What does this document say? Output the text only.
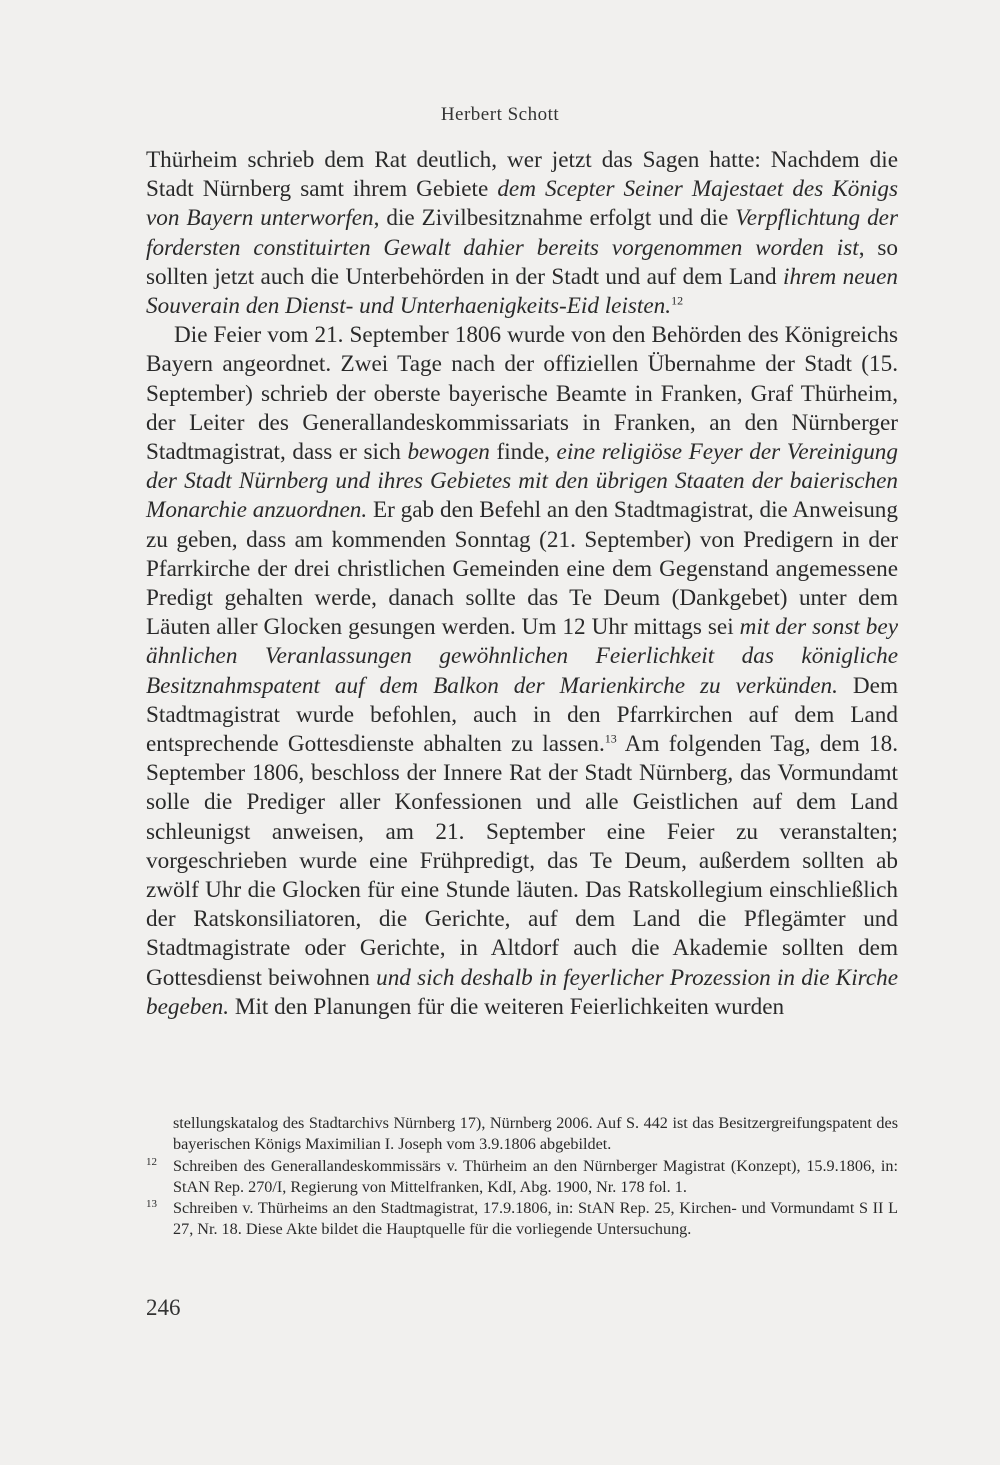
Herbert Schott

Thürheim schrieb dem Rat deutlich, wer jetzt das Sagen hatte: Nachdem die Stadt Nürnberg samt ihrem Gebiete dem Scepter Seiner Majestaet des Königs von Bayern unterworfen, die Zivilbesitznahme erfolgt und die Verpflichtung der fordersten constituirten Gewalt dahier bereits vorgenommen worden ist, so sollten jetzt auch die Unterbehörden in der Stadt und auf dem Land ihrem neuen Souverain den Dienst- und Unterhaenigkeits-Eid leisten.$^{12}$

Die Feier vom 21. September 1806 wurde von den Behörden des Königreichs Bayern angeordnet. Zwei Tage nach der offiziellen Übernahme der Stadt (15. September) schrieb der oberste bayerische Beamte in Franken, Graf Thürheim, der Leiter des Generallandeskommissariats in Franken, an den Nürnberger Stadtmagistrat, dass er sich bewogen finde, eine religiöse Feyer der Vereinigung der Stadt Nürnberg und ihres Gebietes mit den übrigen Staaten der baierischen Monarchie anzuordnen. Er gab den Befehl an den Stadtmagistrat, die Anweisung zu geben, dass am kommenden Sonntag (21. September) von Predigern in der Pfarrkirche der drei christlichen Gemeinden eine dem Gegenstand angemessene Predigt gehalten werde, danach sollte das Te Deum (Dankgebet) unter dem Läuten aller Glocken gesungen werden. Um 12 Uhr mittags sei mit der sonst bey ähnlichen Veranlassungen gewöhnlichen Feierlichkeit das königliche Besitznahmspatent auf dem Balkon der Marienkirche zu verkünden. Dem Stadtmagistrat wurde befohlen, auch in den Pfarrkirchen auf dem Land entsprechende Gottesdienste abhalten zu lassen.$^{13}$ Am folgenden Tag, dem 18. September 1806, beschloss der Innere Rat der Stadt Nürnberg, das Vormundamt solle die Prediger aller Konfessionen und alle Geistlichen auf dem Land schleunigst anweisen, am 21. September eine Feier zu veranstalten; vorgeschrieben wurde eine Frühpredigt, das Te Deum, außerdem sollten ab zwölf Uhr die Glocken für eine Stunde läuten. Das Ratskollegium einschließlich der Ratskonsiliatoren, die Gerichte, auf dem Land die Pflegämter und Stadtmagistrate oder Gerichte, in Altdorf auch die Akademie sollten dem Gottesdienst beiwohnen und sich deshalb in feyerlicher Prozession in die Kirche begeben. Mit den Planungen für die weiteren Feierlichkeiten wurden

stellungskatalog des Stadtarchivs Nürnberg 17), Nürnberg 2006. Auf S. 442 ist das Besitzergreifungspatent des bayerischen Königs Maximilian I. Joseph vom 3.9.1806 abgebildet.
12 Schreiben des Generallandeskommissärs v. Thürheim an den Nürnberger Magistrat (Konzept), 15.9.1806, in: StAN Rep. 270/I, Regierung von Mittelfranken, KdI, Abg. 1900, Nr. 178 fol. 1.
13 Schreiben v. Thürheims an den Stadtmagistrat, 17.9.1806, in: StAN Rep. 25, Kirchen- und Vormundamt S II L 27, Nr. 18. Diese Akte bildet die Hauptquelle für die vorliegende Untersuchung.
246
